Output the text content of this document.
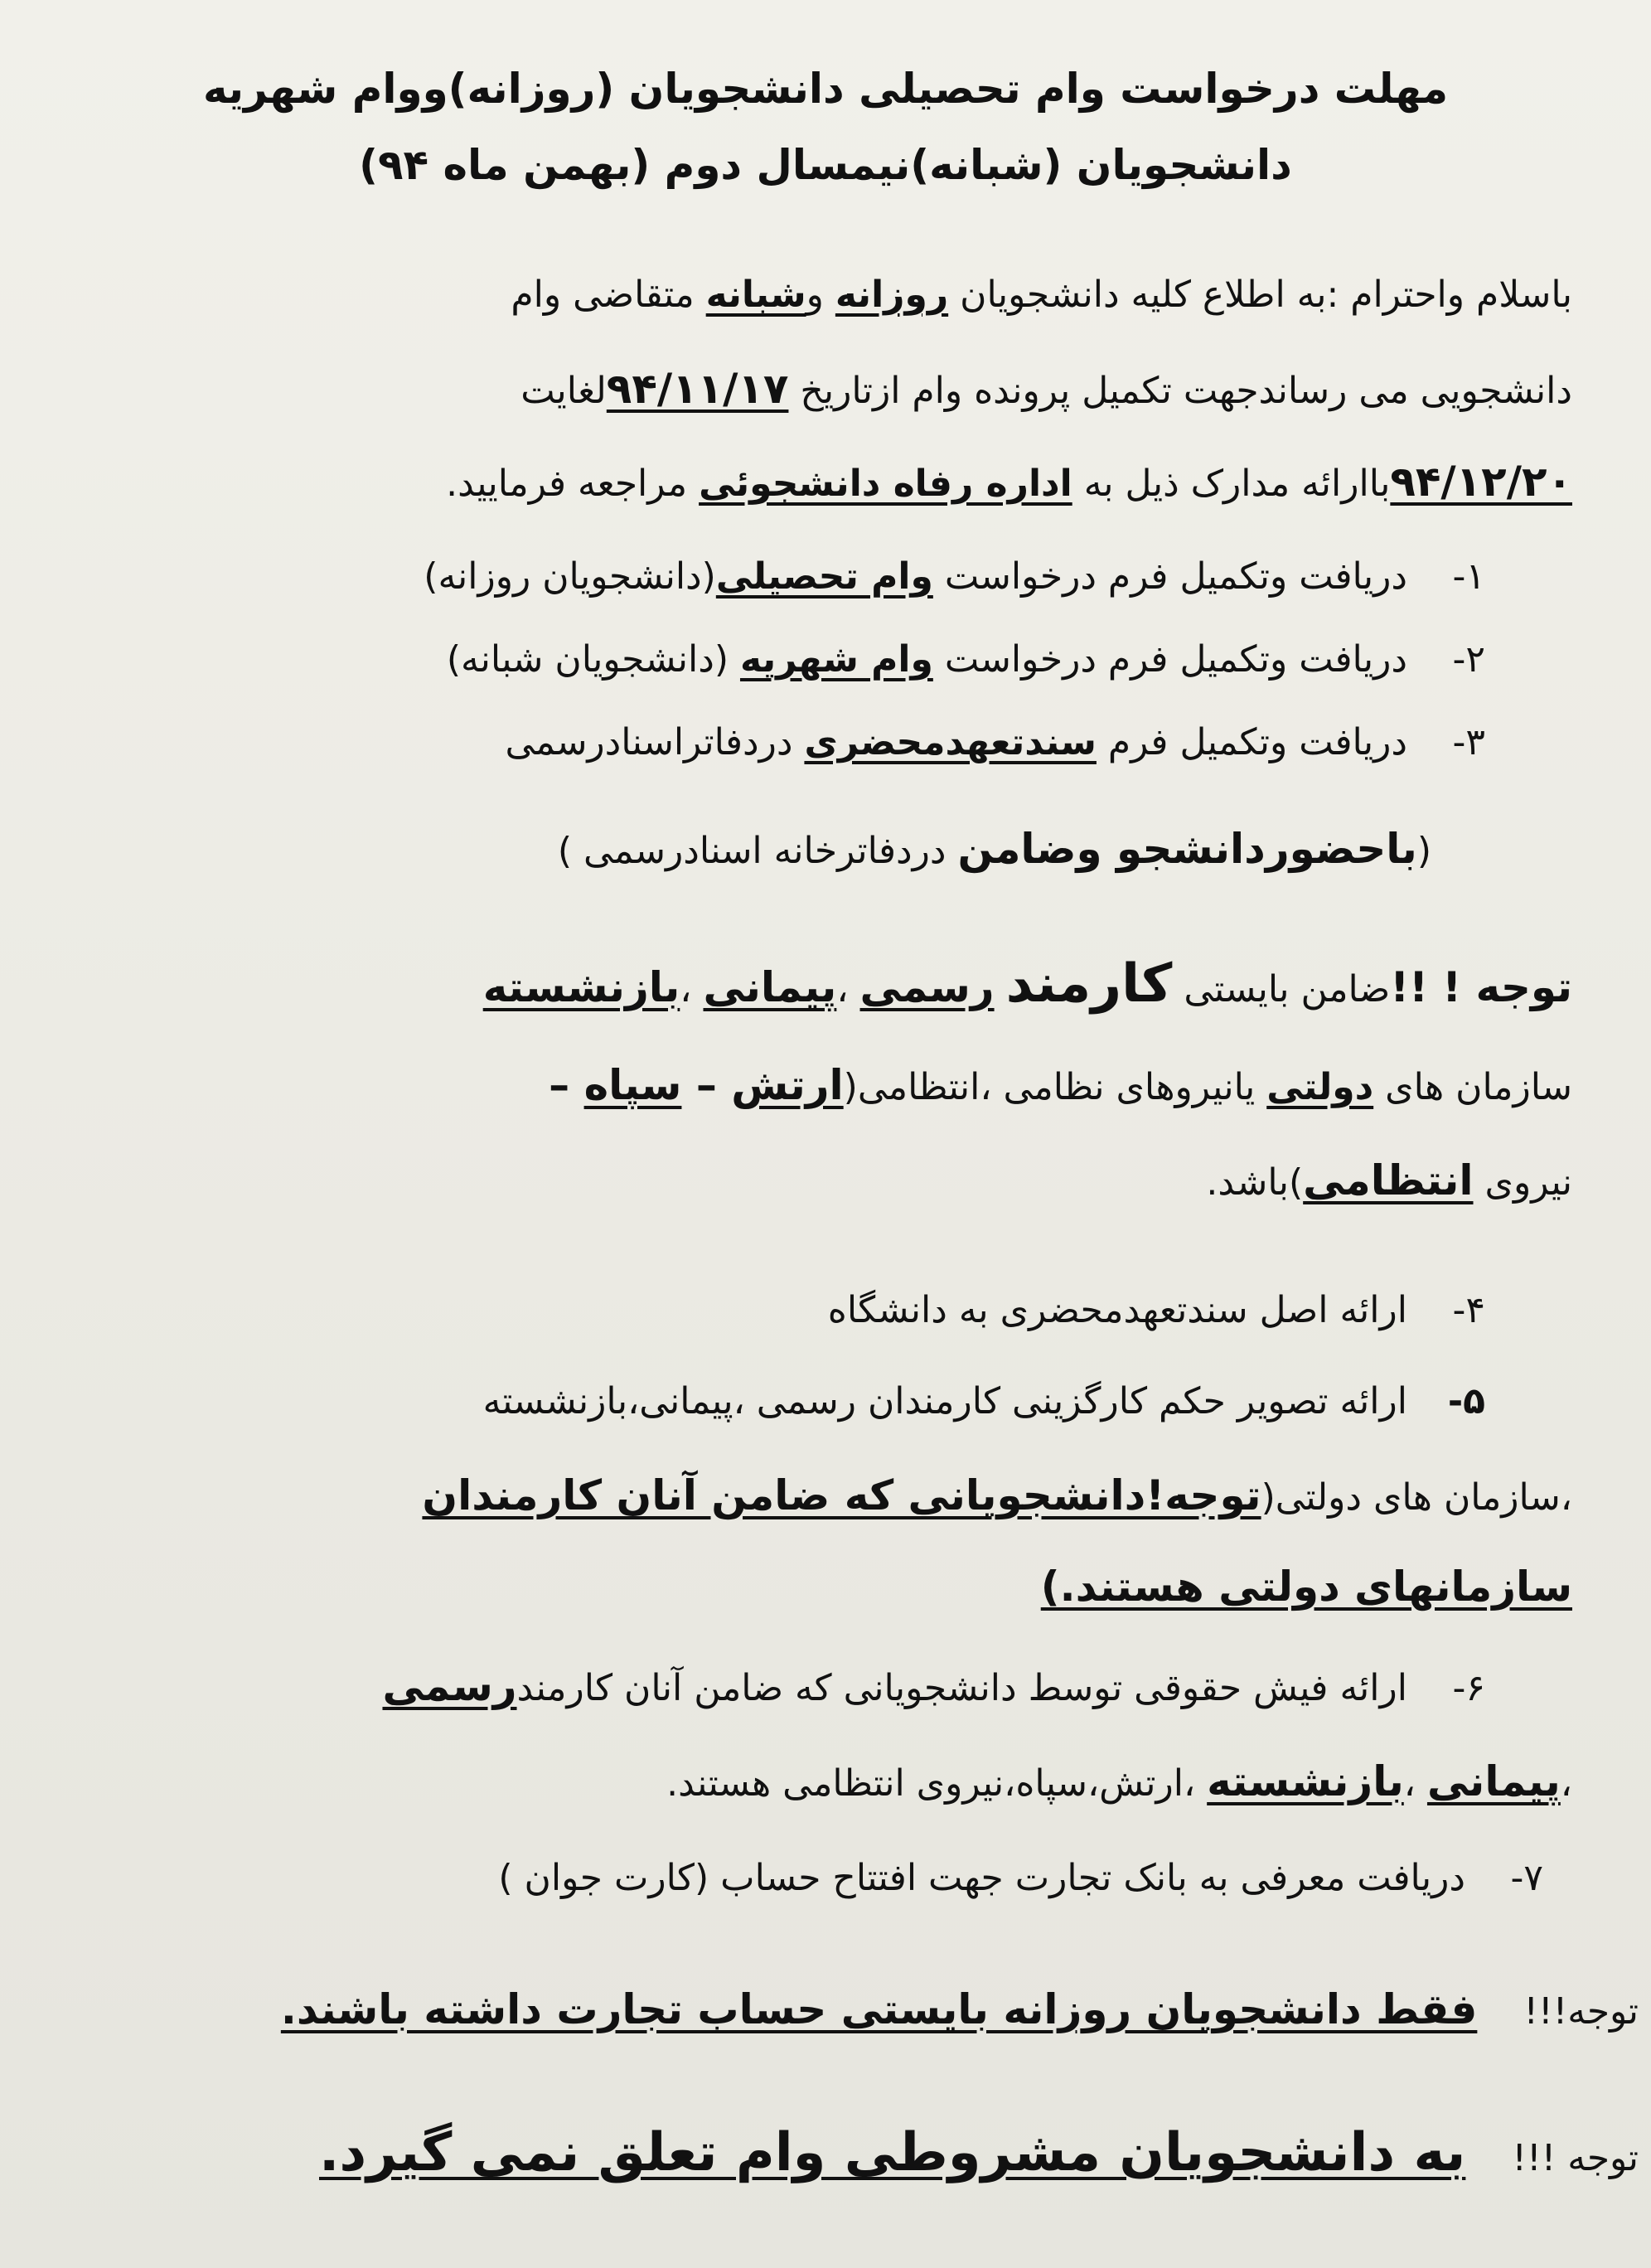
مهلت درخواست وام تحصیلی دانشجویان (روزانه)ووام شهریه
دانشجویان (شبانه)نیمسال دوم (بهمن ماه ۹۴)
باسلام واحترام :به اطلاع کلیه دانشجویان روزانه وشبانه متقاضی وام
دانشجویی می رساندجهت تکمیل پرونده وام ازتاریخ ۹۴/۱۱/۱۷لغایت
۹۴/۱۲/۲۰باارائه مدارک ذیل به اداره رفاه دانشجوئی مراجعه فرمایید.
۱- دریافت وتکمیل فرم درخواست وام تحصیلی(دانشجویان روزانه)
۲- دریافت وتکمیل فرم درخواست وام شهریه (دانشجویان شبانه)
۳- دریافت وتکمیل فرم سندتعهدمحضری دردفاتراسنادرسمی
(باحضوردانشجو وضامن دردفاترخانه اسنادرسمی )
توجه ! !!ضامن بایستی کارمند رسمی ،پیمانی ،بازنشسته
سازمان های دولتی یانیروهای نظامی ،انتظامی(ارتش – سپاه –
نیروی انتظامی)باشد.
۴- ارائه اصل سندتعهدمحضری به دانشگاه
۵- ارائه تصویر حکم کارگزینی کارمندان رسمی ،پیمانی،بازنشسته
،سازمان های دولتی(توجه!دانشجویانی که ضامن آنان کارمندان
سازمانهای دولتی هستند.)
۶- ارائه فیش حقوقی توسط دانشجویانی که ضامن آنان کارمندرسمی
،پیمانی ،بازنشسته ،ارتش،سپاه،نیروی انتظامی هستند.
۷- دریافت معرفی به بانک تجارت جهت افتتاح حساب (کارت جوان )
توجه!!!    فقط دانشجویان روزانه بایستی حساب تجارت داشته باشند.
توجه !!!    به دانشجویان مشروطی وام تعلق نمی گیرد.
